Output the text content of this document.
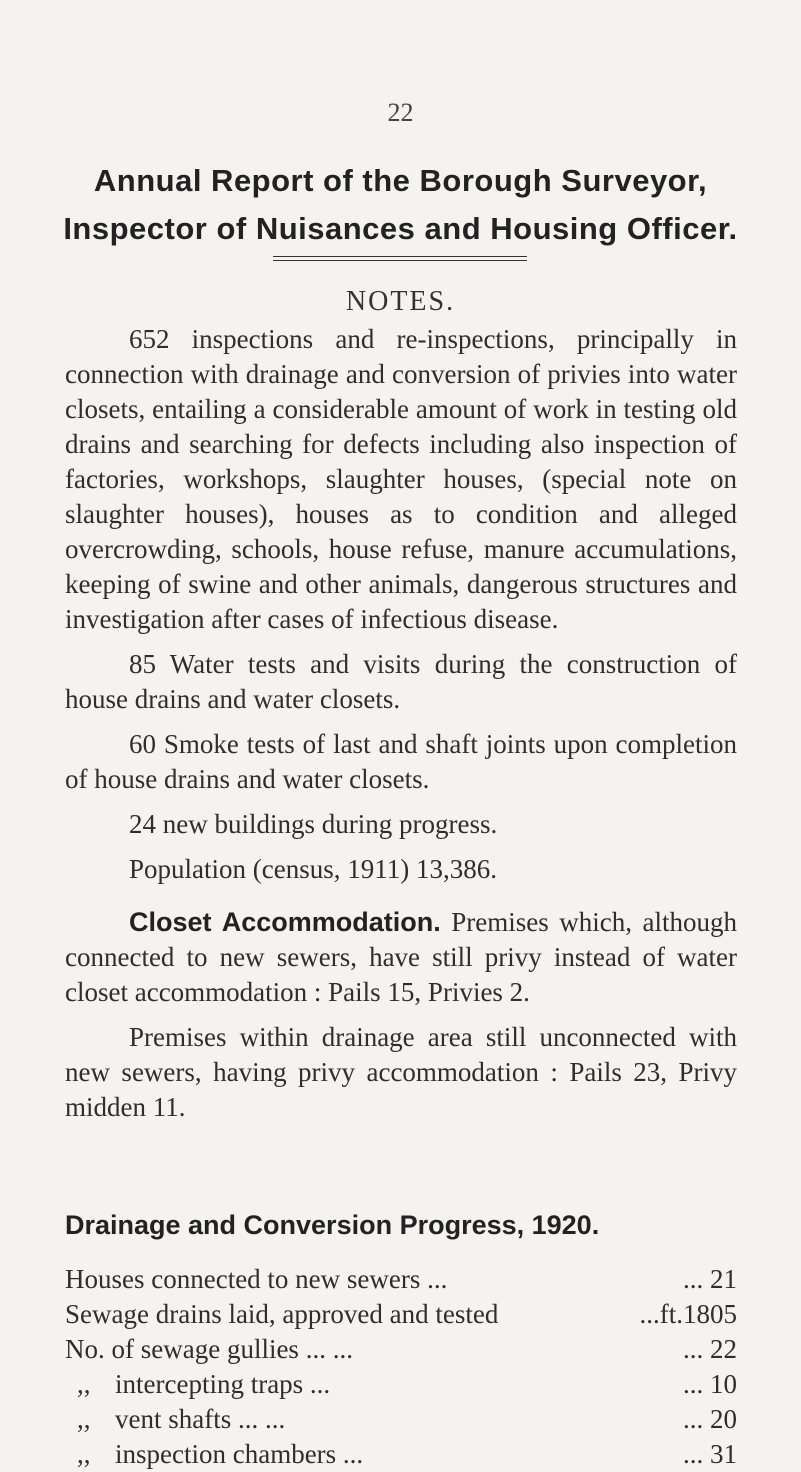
22
Annual Report of the Borough Surveyor,
Inspector of Nuisances and Housing Officer.
NOTES.

652 inspections and re-inspections, principally in connection with drainage and conversion of privies into water closets, entailing a considerable amount of work in testing old drains and searching for defects including also inspection of factories, workshops, slaughter houses, (special note on slaughter houses), houses as to condition and alleged overcrowding, schools, house refuse, manure accumulations, keeping of swine and other animals, dangerous structures and investigation after cases of infectious disease.

85 Water tests and visits during the construction of house drains and water closets.

60 Smoke tests of last and shaft joints upon completion of house drains and water closets.

24 new buildings during progress.

Population (census, 1911) 13,386.

Closet Accommodation. Premises which, although connected to new sewers, have still privy instead of water closet accommodation : Pails 15, Privies 2.

Premises within drainage area still unconnected with new sewers, having privy accommodation : Pails 23, Privy midden 11.

Drainage and Conversion Progress, 1920.
Houses connected to new sewers ...	... 21
Sewage drains laid, approved and tested	...ft.1805
No. of sewage gullies ... ...	... 22
,, intercepting traps ...	... 10
,, vent shafts ... ...	... 20
,, inspection chambers ...	... 31
